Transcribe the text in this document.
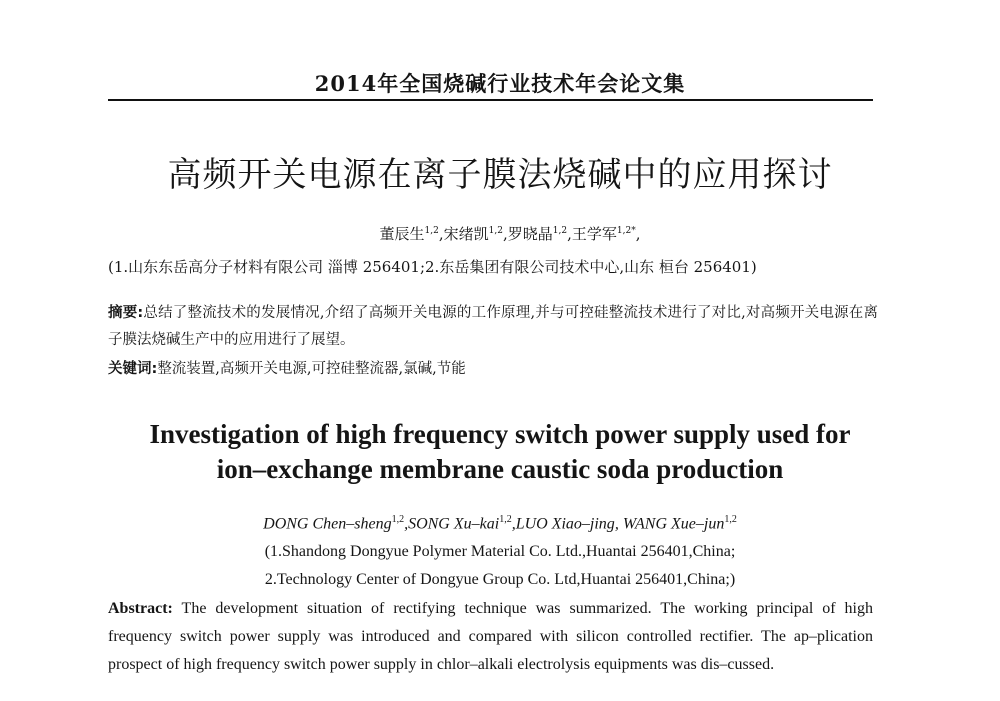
2014年全国烧碱行业技术年会论文集
高频开关电源在离子膜法烧碱中的应用探讨
董辰生$^{1,2}$,宋绪凯$^{1,2}$,罗晓晶$^{1,2}$,王学军$^{1,2*}$,
(1.山东东岳高分子材料有限公司 淄博 256401;2.东岳集团有限公司技术中心,山东 桓台 256401)
摘要:总结了整流技术的发展情况,介绍了高频开关电源的工作原理,并与可控硅整流技术进行了对比,对高频开关电源在离子膜法烧碱生产中的应用进行了展望。
关键词:整流装置,高频开关电源,可控硅整流器,氯碱,节能
Investigation of high frequency switch power supply used for
ion–exchange membrane caustic soda production
DONG Chen–sheng$^{1,2}$,SONG Xu–kai$^{1,2}$,LUO Xiao–jing, WANG Xue–jun$^{1,2}$
(1.Shandong Dongyue Polymer Material Co. Ltd.,Huantai 256401,China;
2.Technology Center of Dongyue Group Co. Ltd,Huantai 256401,China;)
Abstract: The development situation of rectifying technique was summarized. The working principal of high frequency switch power supply was introduced and compared with silicon controlled rectifier. The ap–plication prospect of high frequency switch power supply in chlor–alkali electrolysis equipments was dis–cussed.
